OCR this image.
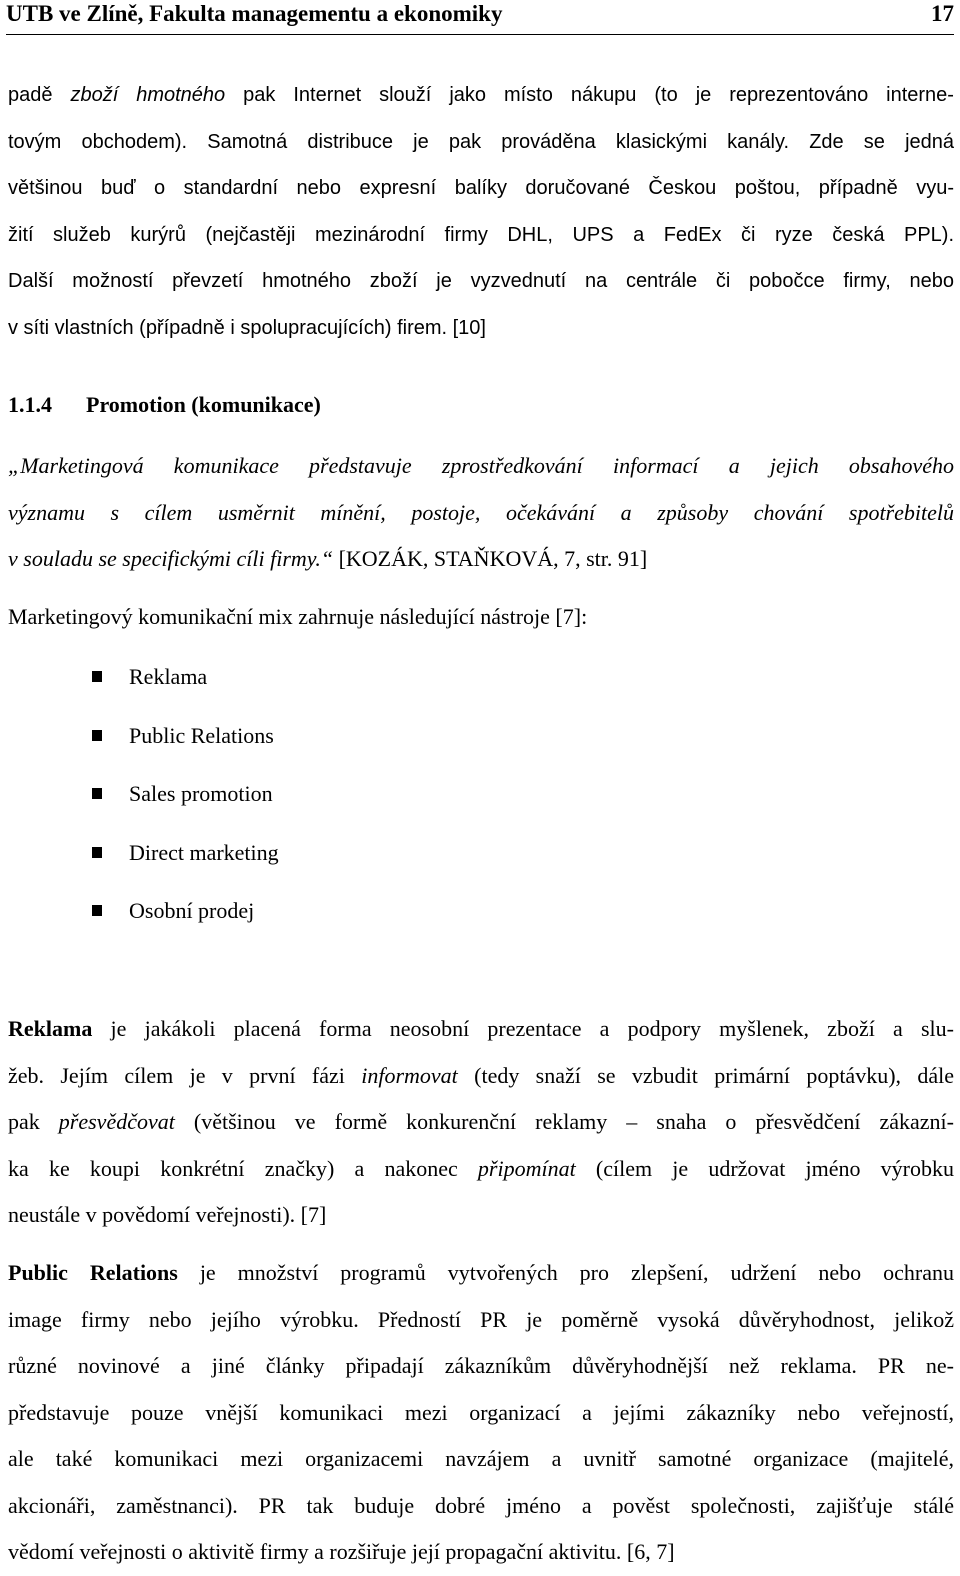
UTB ve Zlíně, Fakulta managementu a ekonomiky	17
padě zboží hmotného pak Internet slouží jako místo nákupu (to je reprezentováno interne-
tovým obchodem). Samotná distribuce je pak prováděna klasickými kanály. Zde se jedná
většinou buď o standardní nebo expresní balíky doručované Českou poštou, případně vyu-
žití služeb kurýrů (nejčastěji mezinárodní firmy DHL, UPS a FedEx či ryze česká PPL).
Další možností převzetí hmotného zboží je vyzvednutí na centrále či pobočce firmy, nebo
v síti vlastních (případně i spolupracujících) firem. [10]
1.1.4 Promotion (komunikace)
„Marketingová komunikace představuje zprostředkování informací a jejich obsahového
významu s cílem usměrnit mínění, postoje, očekávání a způsoby chování spotřebitelů
v souladu se specifickými cíli firmy.“ [KOZÁK, STAŇKOVÁ, 7, str. 91]
Marketingový komunikační mix zahrnuje následující nástroje [7]:
Reklama
Public Relations
Sales promotion
Direct marketing
Osobní prodej
Reklama je jakákoli placená forma neosobní prezentace a podpory myšlenek, zboží a slu-
žeb. Jejím cílem je v první fázi informovat (tedy snaží se vzbudit primární poptávku), dále
pak přesvědčovat (většinou ve formě konkurenční reklamy – snaha o přesvědčení zákazní-
ka ke koupi konkrétní značky) a nakonec připomínat (cílem je udržovat jméno výrobku
neustále v povědomí veřejnosti). [7]
Public Relations je množství programů vytvořených pro zlepšení, udržení nebo ochranu
image firmy nebo jejího výrobku. Předností PR je poměrně vysoká důvěryhodnost, jelikož
různé novinové a jiné články připadají zákazníkům důvěryhodnější než reklama. PR ne-
představuje pouze vnější komunikaci mezi organizací a jejími zákazníky nebo veřejností,
ale také komunikaci mezi organizacemi navzájem a uvnitř samotné organizace (majitelé,
akcionáři, zaměstnanci). PR tak buduje dobré jméno a pověst společnosti, zajišťuje stálé
vědomí veřejnosti o aktivitě firmy a rozšiřuje její propagační aktivitu. [6, 7]
